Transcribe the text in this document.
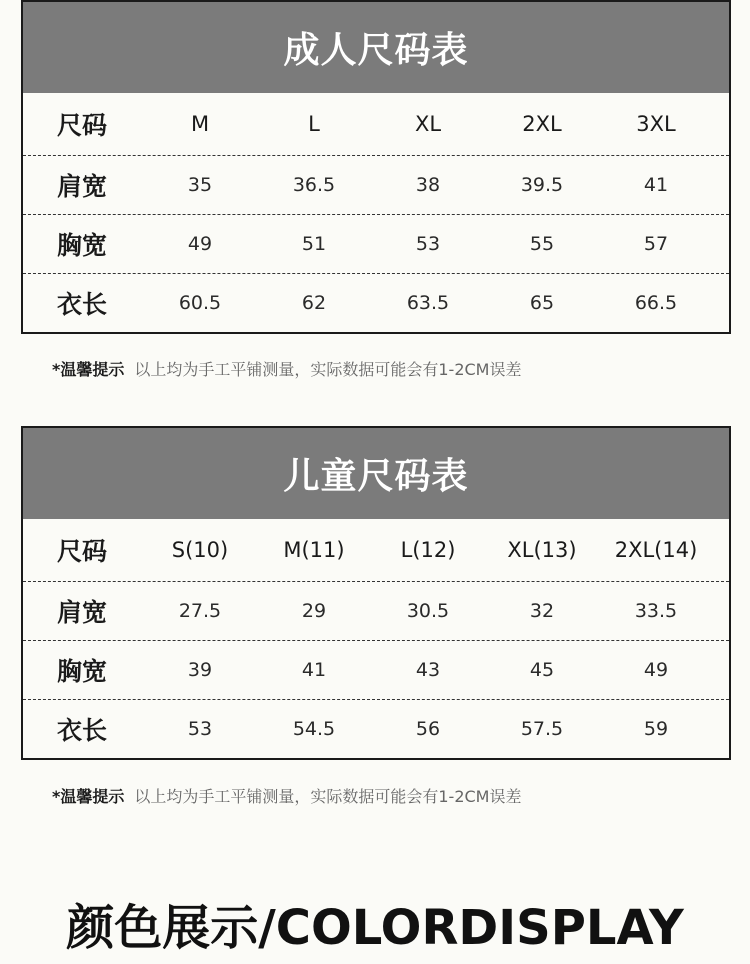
成人尺码表
尺码	M	L	XL	2XL	3XL
肩宽	35	36.5	38	39.5	41
胸宽	49	51	53	55	57
衣长	60.5	62	63.5	65	66.5
*温馨提示 以上均为手工平铺测量，实际数据可能会有1-2CM误差
儿童尺码表
尺码	S(10)	M(11)	L(12)	XL(13)	2XL(14)
肩宽	27.5	29	30.5	32	33.5
胸宽	39	41	43	45	49
衣长	53	54.5	56	57.5	59
*温馨提示 以上均为手工平铺测量，实际数据可能会有1-2CM误差
颜色展示/COLORDISPLAY
